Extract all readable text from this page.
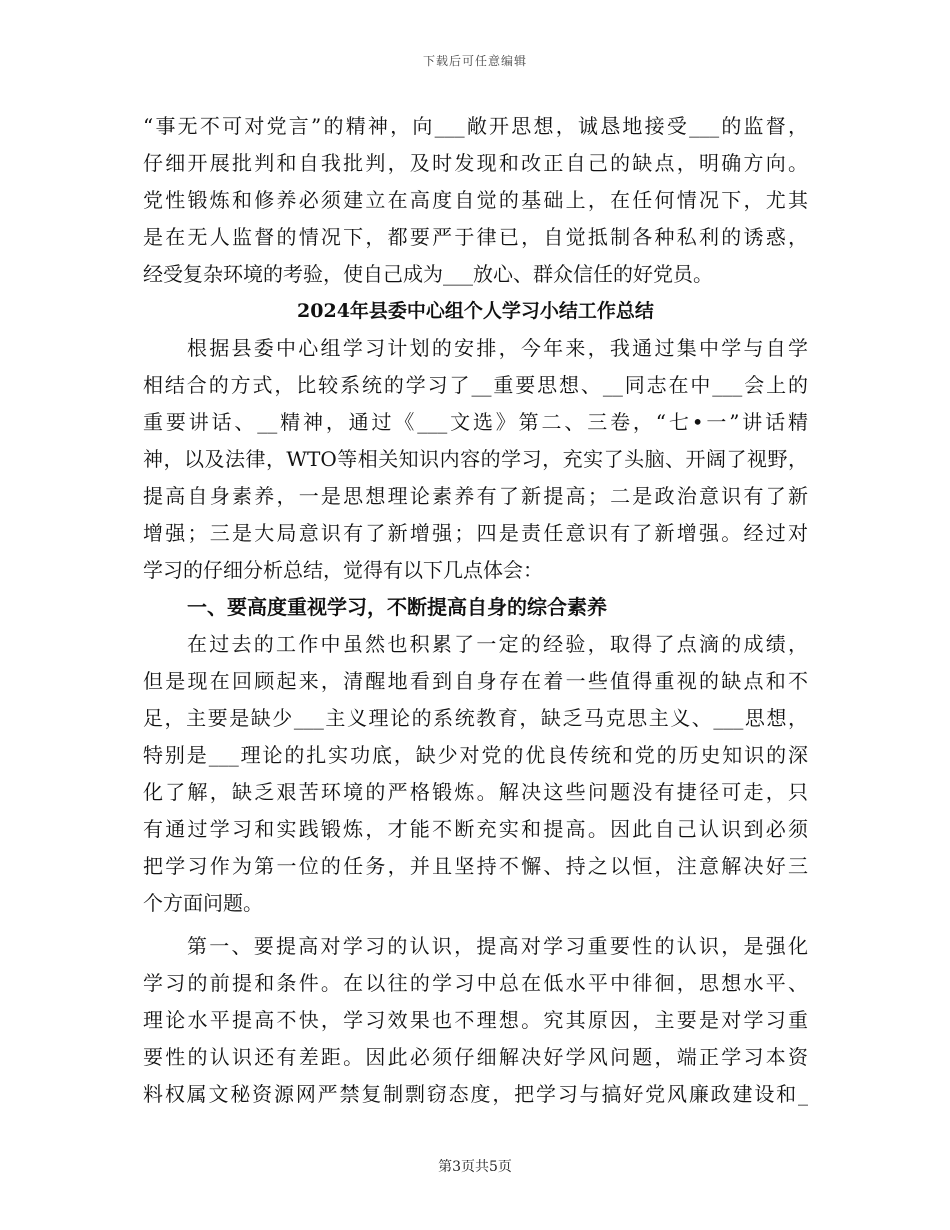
下载后可任意编辑
“事无不可对党言”的精神，向___敞开思想，诚恳地接受___的监督，
仔细开展批判和自我批判，及时发现和改正自己的缺点，明确方向。
党性锻炼和修养必须建立在高度自觉的基础上，在任何情况下，尤其
是在无人监督的情况下，都要严于律已，自觉抵制各种私利的诱惑，
经受复杂环境的考验，使自己成为___放心、群众信任的好党员。
2024年县委中心组个人学习小结工作总结
根据县委中心组学习计划的安排，今年来，我通过集中学与自学
相结合的方式，比较系统的学习了__重要思想、__同志在中___会上的
重要讲话、__精神，通过《___文选》第二、三卷，“七•一”讲话精
神，以及法律，WTO等相关知识内容的学习，充实了头脑、开阔了视野，
提高自身素养，一是思想理论素养有了新提高；二是政治意识有了新
增强；三是大局意识有了新增强；四是责任意识有了新增强。经过对
学习的仔细分析总结，觉得有以下几点体会：
一、要高度重视学习，不断提高自身的综合素养
在过去的工作中虽然也积累了一定的经验，取得了点滴的成绩，
但是现在回顾起来，清醒地看到自身存在着一些值得重视的缺点和不
足，主要是缺少___主义理论的系统教育，缺乏马克思主义、___思想，
特别是___理论的扎实功底，缺少对党的优良传统和党的历史知识的深
化了解，缺乏艰苦环境的严格锻炼。解决这些问题没有捷径可走，只
有通过学习和实践锻炼，才能不断充实和提高。因此自己认识到必须
把学习作为第一位的任务，并且坚持不懈、持之以恒，注意解决好三
个方面问题。
第一、要提高对学习的认识，提高对学习重要性的认识，是强化
学习的前提和条件。在以往的学习中总在低水平中徘徊，思想水平、
理论水平提高不快，学习效果也不理想。究其原因，主要是对学习重
要性的认识还有差距。因此必须仔细解决好学风问题，端正学习本资
料权属文秘资源网严禁复制剽窃态度，把学习与搞好党风廉政建设和_
第3页共5页
